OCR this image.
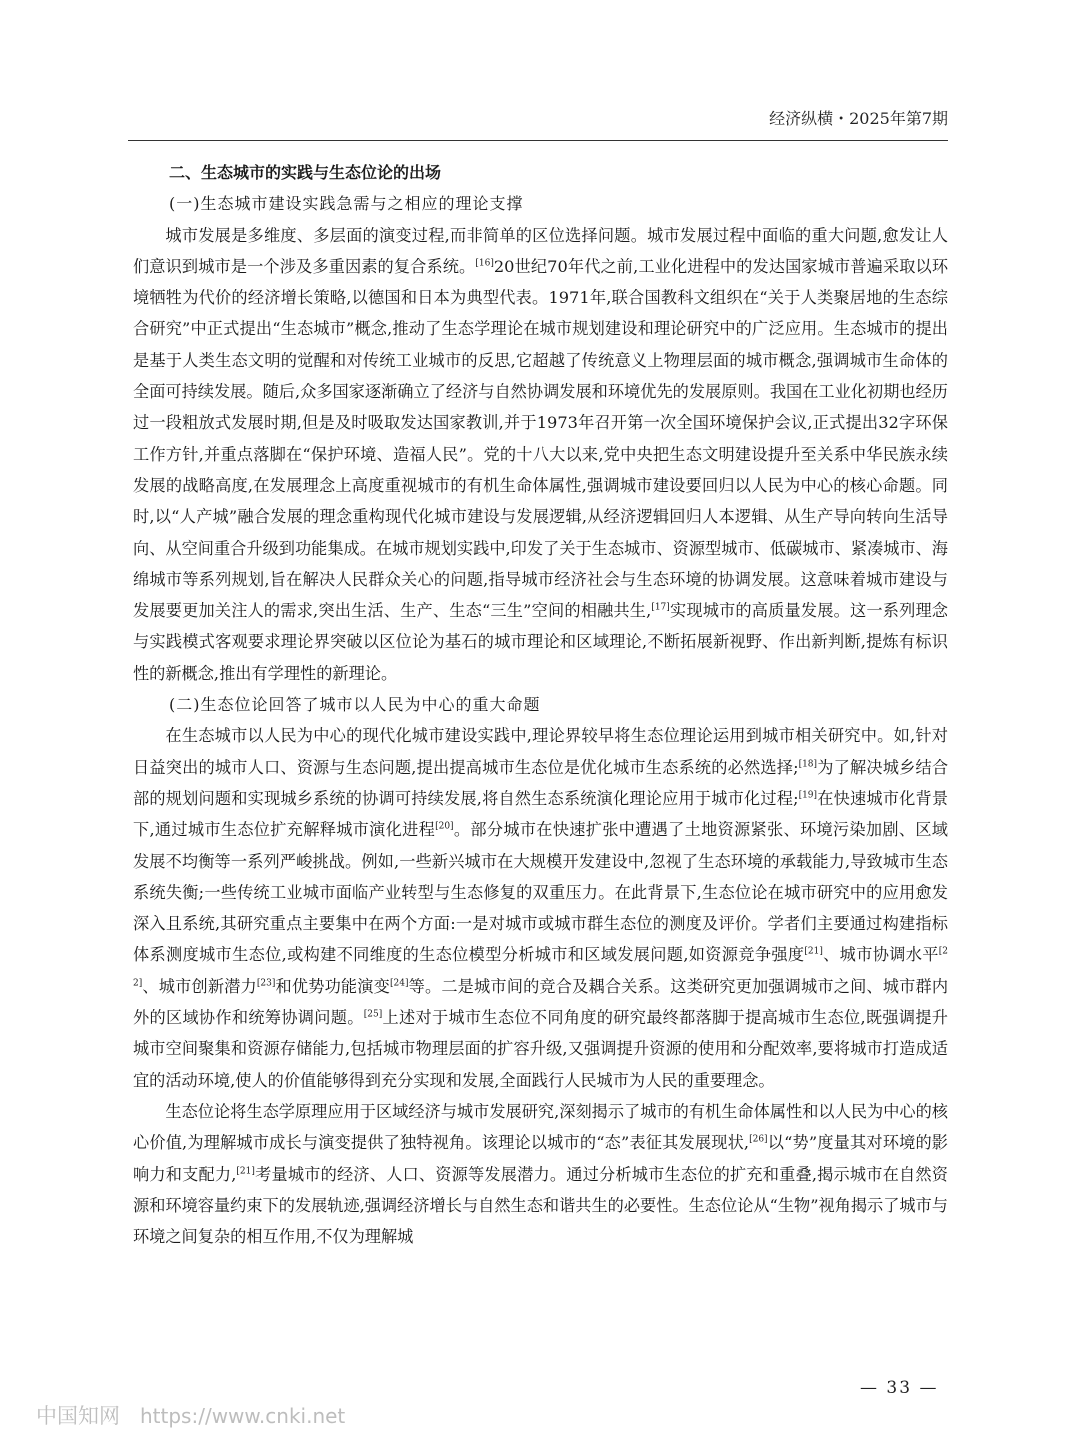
经济纵横・2025年第7期
二、生态城市的实践与生态位论的出场
(一)生态城市建设实践急需与之相应的理论支撑

城市发展是多维度、多层面的演变过程,而非简单的区位选择问题。城市发展过程中面临的重大问题,愈发让人们意识到城市是一个涉及多重因素的复合系统。[16]20世纪70年代之前,工业化进程中的发达国家城市普遍采取以环境牺牲为代价的经济增长策略,以德国和日本为典型代表。1971年,联合国教科文组织在“关于人类聚居地的生态综合研究”中正式提出“生态城市”概念,推动了生态学理论在城市规划建设和理论研究中的广泛应用。生态城市的提出是基于人类生态文明的觉醒和对传统工业城市的反思,它超越了传统意义上物理层面的城市概念,强调城市生命体的全面可持续发展。随后,众多国家逐渐确立了经济与自然协调发展和环境优先的发展原则。我国在工业化初期也经历过一段粗放式发展时期,但是及时吸取发达国家教训,并于1973年召开第一次全国环境保护会议,正式提出32字环保工作方针,并重点落脚在“保护环境、造福人民”。党的十八大以来,党中央把生态文明建设提升至关系中华民族永续发展的战略高度,在发展理念上高度重视城市的有机生命体属性,强调城市建设要回归以人民为中心的核心命题。同时,以“人产城”融合发展的理念重构现代化城市建设与发展逻辑,从经济逻辑回归人本逻辑、从生产导向转向生活导向、从空间重合升级到功能集成。在城市规划实践中,印发了关于生态城市、资源型城市、低碳城市、紧凑城市、海绵城市等系列规划,旨在解决人民群众关心的问题,指导城市经济社会与生态环境的协调发展。这意味着城市建设与发展要更加关注人的需求,突出生活、生产、生态“三生”空间的相融共生,[17]实现城市的高质量发展。这一系列理念与实践模式客观要求理论界突破以区位论为基石的城市理论和区域理论,不断拓展新视野、作出新判断,提炼有标识性的新概念,推出有学理性的新理论。

(二)生态位论回答了城市以人民为中心的重大命题

在生态城市以人民为中心的现代化城市建设实践中,理论界较早将生态位理论运用到城市相关研究中。如,针对日益突出的城市人口、资源与生态问题,提出提高城市生态位是优化城市生态系统的必然选择;[18]为了解决城乡结合部的规划问题和实现城乡系统的协调可持续发展,将自然生态系统演化理论应用于城市化过程;[19]在快速城市化背景下,通过城市生态位扩充解释城市演化进程[20]。部分城市在快速扩张中遭遇了土地资源紧张、环境污染加剧、区域发展不均衡等一系列严峻挑战。例如,一些新兴城市在大规模开发建设中,忽视了生态环境的承载能力,导致城市生态系统失衡;一些传统工业城市面临产业转型与生态修复的双重压力。在此背景下,生态位论在城市研究中的应用愈发深入且系统,其研究重点主要集中在两个方面:一是对城市或城市群生态位的测度及评价。学者们主要通过构建指标体系测度城市生态位,或构建不同维度的生态位模型分析城市和区域发展问题,如资源竞争强度[21]、城市协调水平[22]、城市创新潜力[23]和优势功能演变[24]等。二是城市间的竞合及耦合关系。这类研究更加强调城市之间、城市群内外的区域协作和统筹协调问题。[25]上述对于城市生态位不同角度的研究最终都落脚于提高城市生态位,既强调提升城市空间聚集和资源存储能力,包括城市物理层面的扩容升级,又强调提升资源的使用和分配效率,要将城市打造成适宜的活动环境,使人的价值能够得到充分实现和发展,全面践行人民城市为人民的重要理念。

生态位论将生态学原理应用于区域经济与城市发展研究,深刻揭示了城市的有机生命体属性和以人民为中心的核心价值,为理解城市成长与演变提供了独特视角。该理论以城市的“态”表征其发展现状,[26]以“势”度量其对环境的影响力和支配力,[21]考量城市的经济、人口、资源等发展潜力。通过分析城市生态位的扩充和重叠,揭示城市在自然资源和环境容量约束下的发展轨迹,强调经济增长与自然生态和谐共生的必要性。生态位论从“生物”视角揭示了城市与环境之间复杂的相互作用,不仅为理解城

— 33 —
中国知网 https://www.cnki.net
